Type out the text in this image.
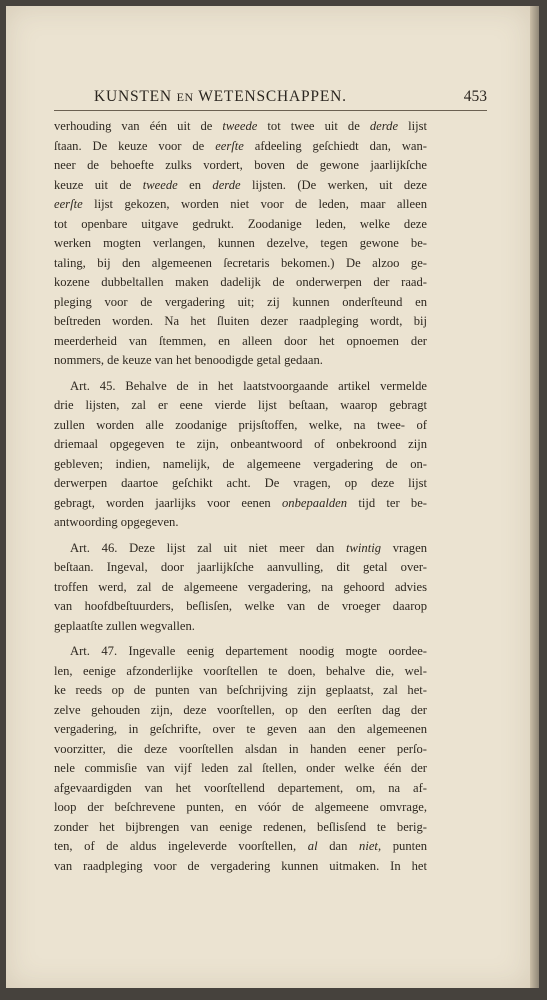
KUNSTEN EN WETENSCHAPPEN.	453

verhouding van één uit de tweede tot twee uit de derde lijst
ſtaan. De keuze voor de eerſte afdeeling geſchiedt dan, wan-
neer de behoefte zulks vordert, boven de gewone jaarlijkſche
keuze uit de tweede en derde lijsten. (De werken, uit deze
eerſte lijst gekozen, worden niet voor de leden, maar alleen
tot openbare uitgave gedrukt. Zoodanige leden, welke deze
werken mogten verlangen, kunnen dezelve, tegen gewone be-
taling, bij den algemeenen ſecretaris bekomen.) De alzoo ge-
kozene dubbeltallen maken dadelijk de onderwerpen der raad-
pleging voor de vergadering uit; zij kunnen onderſteund en
beſtreden worden. Na het ſluiten dezer raadpleging wordt, bij
meerderheid van ſtemmen, en alleen door het opnoemen der
nommers, de keuze van het benoodigde getal gedaan.

Art. 45. Behalve de in het laatstvoorgaande artikel vermelde
drie lijsten, zal er eene vierde lijst beſtaan, waarop gebragt
zullen worden alle zoodanige prijsſtoffen, welke, na twee- of
driemaal opgegeven te zijn, onbeantwoord of onbekroond zijn
gebleven; indien, namelijk, de algemeene vergadering de on-
derwerpen daartoe geſchikt acht. De vragen, op deze lijst
gebragt, worden jaarlijks voor eenen onbepaalden tijd ter be-
antwoording opgegeven.

Art. 46. Deze lijst zal uit niet meer dan twintig vragen
beſtaan. Ingeval, door jaarlijkſche aanvulling, dit getal over-
troffen werd, zal de algemeene vergadering, na gehoord advies
van hoofdbeſtuurders, beſlisſen, welke van de vroeger daarop
geplaatſte zullen wegvallen.

Art. 47. Ingevalle eenig departement noodig mogte oordee-
len, eenige afzonderlijke voorſtellen te doen, behalve die, wel-
ke reeds op de punten van beſchrijving zijn geplaatst, zal het-
zelve gehouden zijn, deze voorſtellen, op den eerſten dag der
vergadering, in geſchrifte, over te geven aan den algemeenen
voorzitter, die deze voorſtellen alsdan in handen eener perſo-
nele commisſie van vijf leden zal ſtellen, onder welke één der
afgevaardigden van het voorſtellend departement, om, na af-
loop der beſchrevene punten, en vóór de algemeene omvrage,
zonder het bijbrengen van eenige redenen, beſlisſend te berig-
ten, of de aldus ingeleverde voorſtellen, al dan niet, punten
van raadpleging voor de vergadering kunnen uitmaken. In het
